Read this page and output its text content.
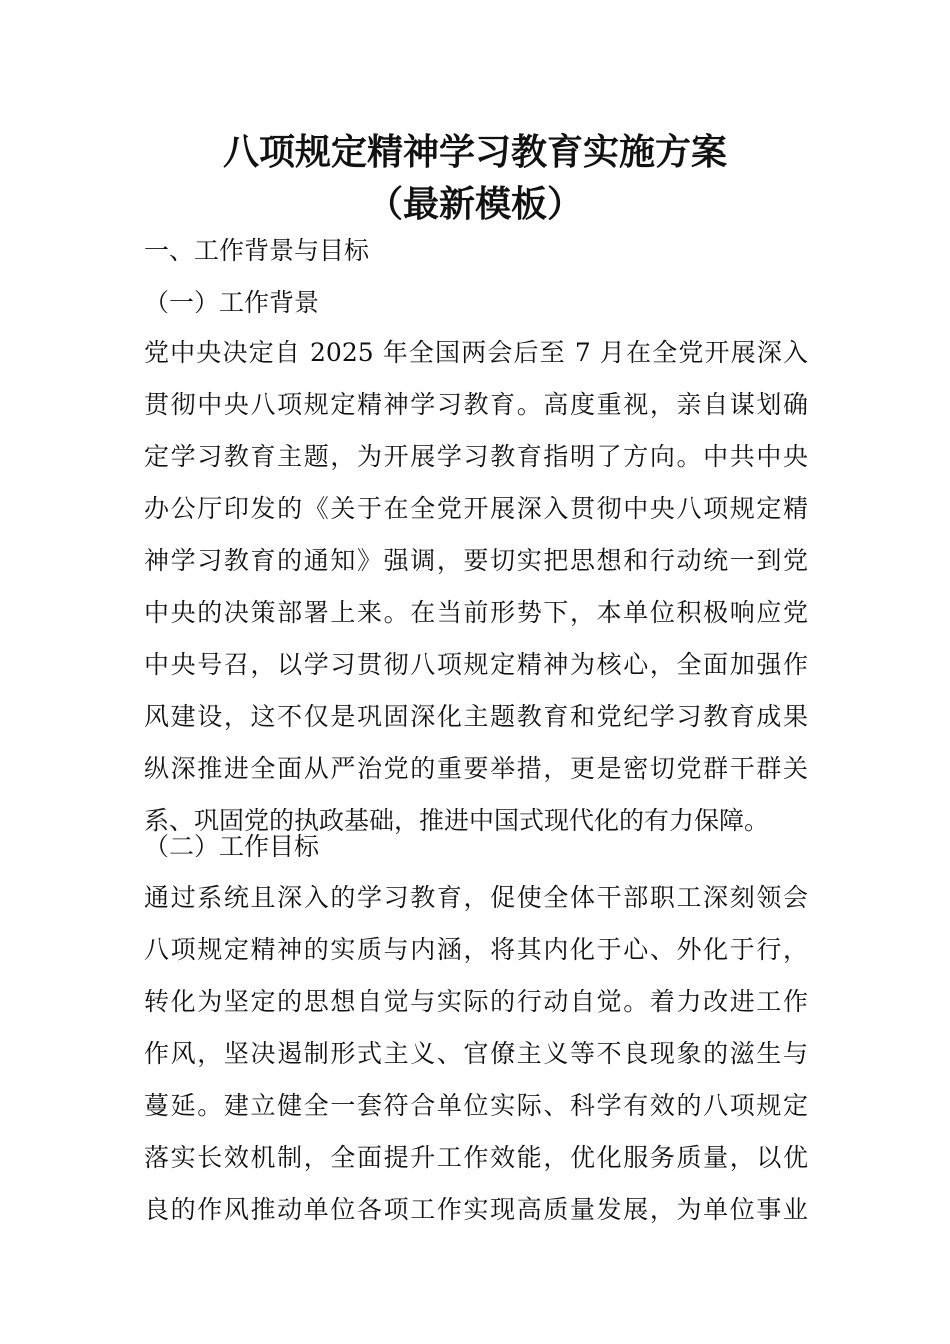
八项规定精神学习教育实施方案
（最新模板）
一、工作背景与目标
（一）工作背景
党中央决定自 2025 年全国两会后至 7 月在全党开展深入
贯彻中央八项规定精神学习教育。高度重视，亲自谋划确
定学习教育主题，为开展学习教育指明了方向。中共中央
办公厅印发的《关于在全党开展深入贯彻中央八项规定精
神学习教育的通知》强调，要切实把思想和行动统一到党
中央的决策部署上来。在当前形势下，本单位积极响应党
中央号召，以学习贯彻八项规定精神为核心，全面加强作
风建设，这不仅是巩固深化主题教育和党纪学习教育成果
纵深推进全面从严治党的重要举措，更是密切党群干群关
系、巩固党的执政基础，推进中国式现代化的有力保障。
（二）工作目标
通过系统且深入的学习教育，促使全体干部职工深刻领会
八项规定精神的实质与内涵，将其内化于心、外化于行，
转化为坚定的思想自觉与实际的行动自觉。着力改进工作
作风，坚决遏制形式主义、官僚主义等不良现象的滋生与
蔓延。建立健全一套符合单位实际、科学有效的八项规定
落实长效机制，全面提升工作效能，优化服务质量，以优
良的作风推动单位各项工作实现高质量发展，为单位事业
